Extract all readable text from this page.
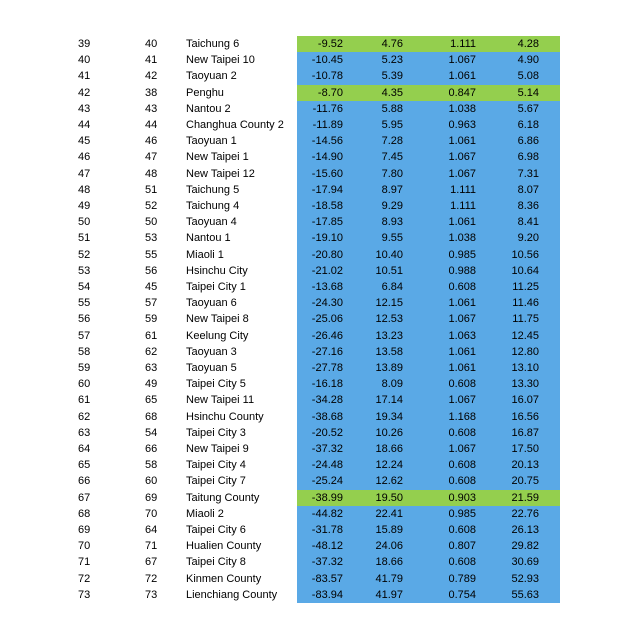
39	40	Taichung 6	-9.52	4.76	1.111	4.28
40	41	New Taipei 10	-10.45	5.23	1.067	4.90
41	42	Taoyuan 2	-10.78	5.39	1.061	5.08
42	38	Penghu	-8.70	4.35	0.847	5.14
43	43	Nantou 2	-11.76	5.88	1.038	5.67
44	44	Changhua County 2	-11.89	5.95	0.963	6.18
45	46	Taoyuan 1	-14.56	7.28	1.061	6.86
46	47	New Taipei 1	-14.90	7.45	1.067	6.98
47	48	New Taipei 12	-15.60	7.80	1.067	7.31
48	51	Taichung 5	-17.94	8.97	1.111	8.07
49	52	Taichung 4	-18.58	9.29	1.111	8.36
50	50	Taoyuan 4	-17.85	8.93	1.061	8.41
51	53	Nantou 1	-19.10	9.55	1.038	9.20
52	55	Miaoli 1	-20.80	10.40	0.985	10.56
53	56	Hsinchu City	-21.02	10.51	0.988	10.64
54	45	Taipei City 1	-13.68	6.84	0.608	11.25
55	57	Taoyuan 6	-24.30	12.15	1.061	11.46
56	59	New Taipei 8	-25.06	12.53	1.067	11.75
57	61	Keelung City	-26.46	13.23	1.063	12.45
58	62	Taoyuan 3	-27.16	13.58	1.061	12.80
59	63	Taoyuan 5	-27.78	13.89	1.061	13.10
60	49	Taipei City 5	-16.18	8.09	0.608	13.30
61	65	New Taipei 11	-34.28	17.14	1.067	16.07
62	68	Hsinchu County	-38.68	19.34	1.168	16.56
63	54	Taipei City 3	-20.52	10.26	0.608	16.87
64	66	New Taipei 9	-37.32	18.66	1.067	17.50
65	58	Taipei City 4	-24.48	12.24	0.608	20.13
66	60	Taipei City 7	-25.24	12.62	0.608	20.75
67	69	Taitung County	-38.99	19.50	0.903	21.59
68	70	Miaoli 2	-44.82	22.41	0.985	22.76
69	64	Taipei City 6	-31.78	15.89	0.608	26.13
70	71	Hualien County	-48.12	24.06	0.807	29.82
71	67	Taipei City 8	-37.32	18.66	0.608	30.69
72	72	Kinmen County	-83.57	41.79	0.789	52.93
73	73	Lienchiang County	-83.94	41.97	0.754	55.63
